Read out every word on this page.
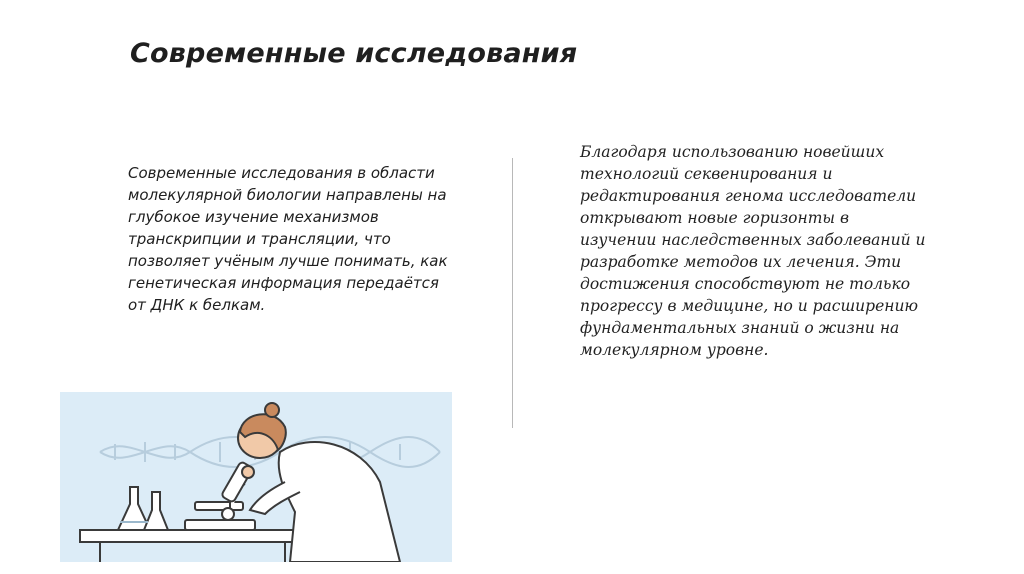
Современные исследования
Современные исследования в области молекулярной биологии направлены на глубокое изучение механизмов транскрипции и трансляции, что позволяет учёным лучше понимать, как генетическая информация передаётся от ДНК к белкам.
Благодаря использованию новейших технологий секвенирования и редактирования генома исследователи открывают новые горизонты в изучении наследственных заболеваний и разработке методов их лечения. Эти достижения способствуют не только прогрессу в медицине, но и расширению фундаментальных знаний о жизни на молекулярном уровне.
